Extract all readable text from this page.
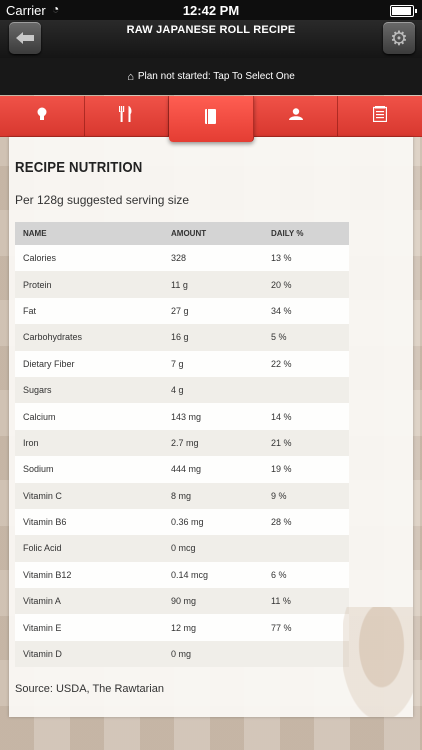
Carrier ◔	12:42 PM
RAW JAPANESE ROLL RECIPE	⚙
⌂ Plan not started: Tap To Select One
RECIPE NUTRITION
Per 128g suggested serving size
NAME	AMOUNT	DAILY %
Calories	328	13 %
Protein	11 g	20 %
Fat	27 g	34 %
Carbohydrates	16 g	5 %
Dietary Fiber	7 g	22 %
Sugars	4 g	
Calcium	143 mg	14 %
Iron	2.7 mg	21 %
Sodium	444 mg	19 %
Vitamin C	8 mg	9 %
Vitamin B6	0.36 mg	28 %
Folic Acid	0 mcg	
Vitamin B12	0.14 mcg	6 %
Vitamin A	90 mg	11 %
Vitamin E	12 mg	77 %
Vitamin D	0 mg	
Source: USDA, The Rawtarian
